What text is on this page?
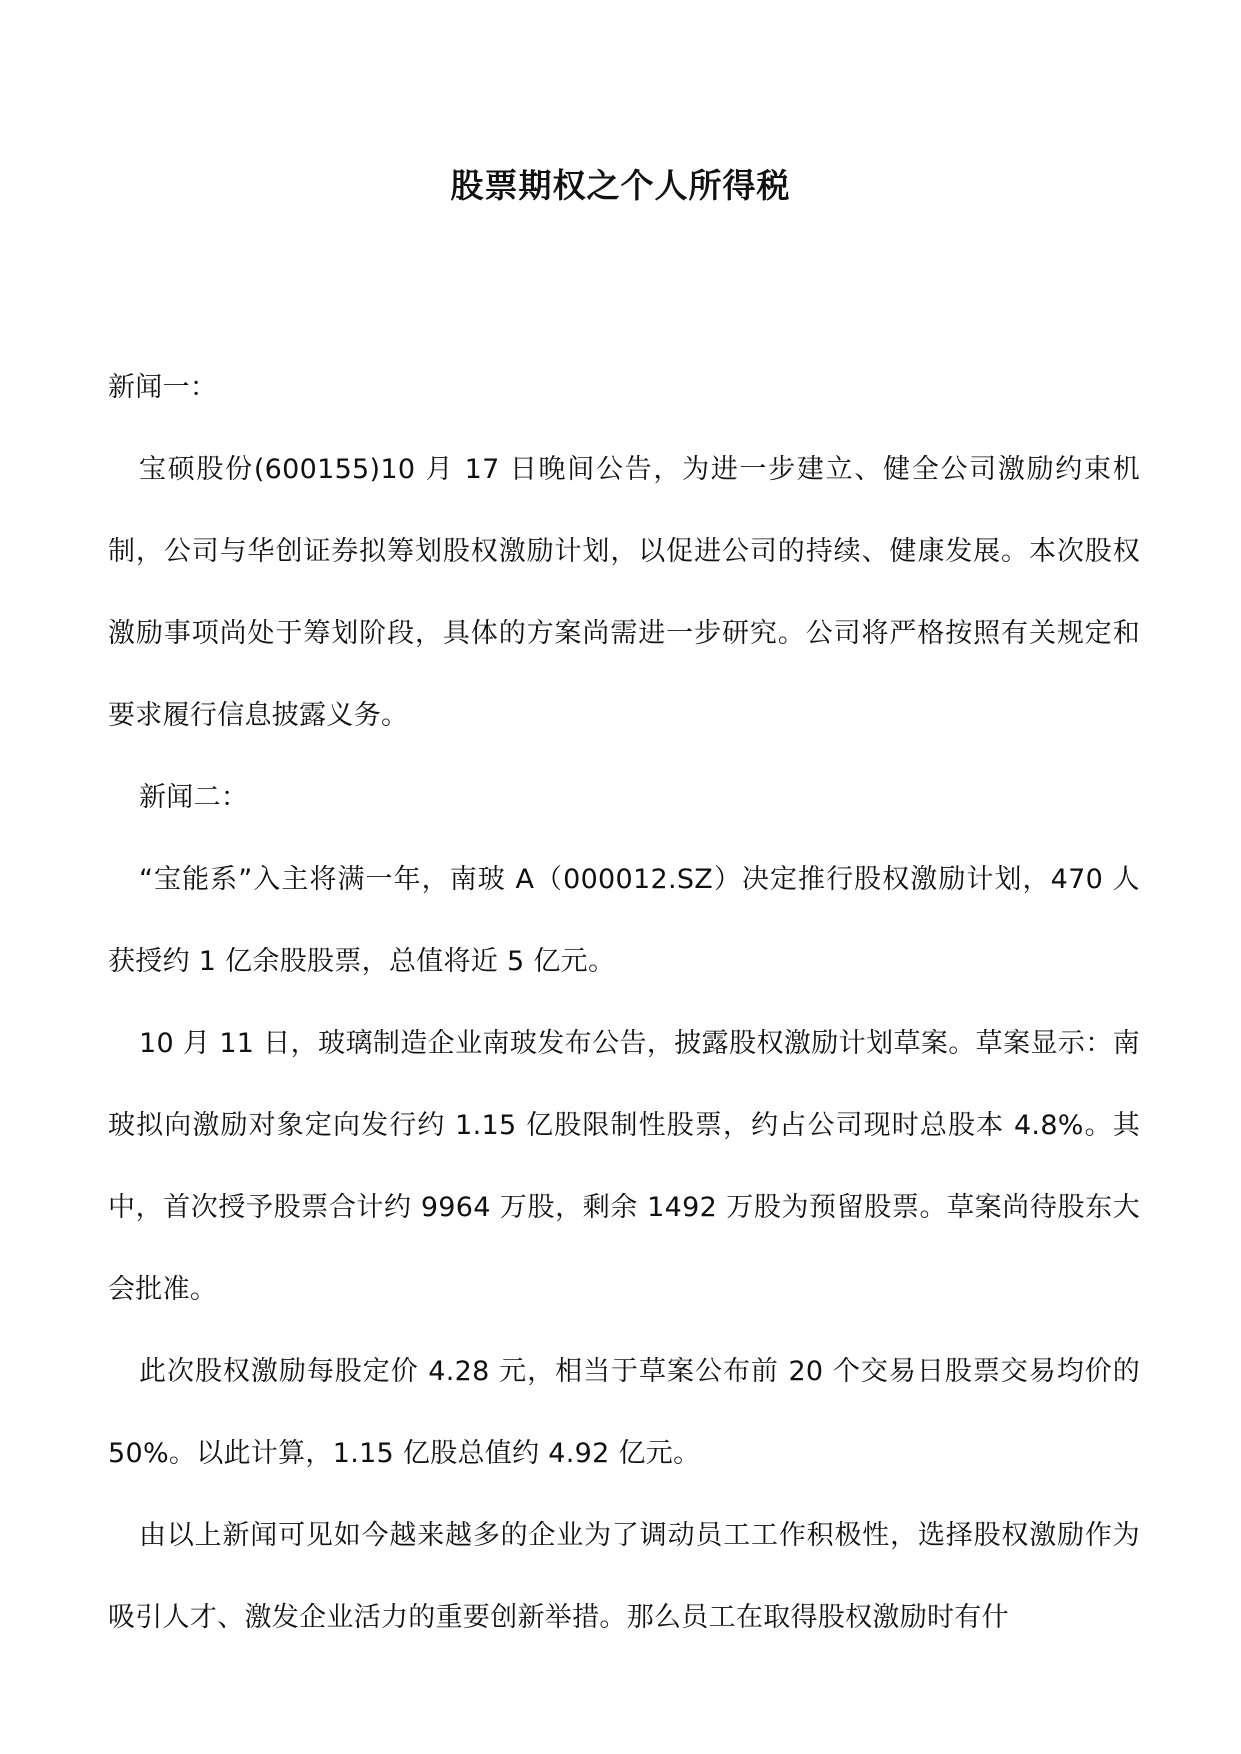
股票期权之个人所得税

新闻一：

宝硕股份(600155)10 月 17 日晚间公告，为进一步建立、健全公司激励约束机制，公司与华创证券拟筹划股权激励计划，以促进公司的持续、健康发展。本次股权激励事项尚处于筹划阶段，具体的方案尚需进一步研究。公司将严格按照有关规定和要求履行信息披露义务。

新闻二：

“宝能系”入主将满一年，南玻 A（000012.SZ）决定推行股权激励计划，470 人获授约 1 亿余股股票，总值将近 5 亿元。

10 月 11 日，玻璃制造企业南玻发布公告，披露股权激励计划草案。草案显示：南玻拟向激励对象定向发行约 1.15 亿股限制性股票，约占公司现时总股本 4.8%。其中，首次授予股票合计约 9964 万股，剩余 1492 万股为预留股票。草案尚待股东大会批准。

此次股权激励每股定价 4.28 元，相当于草案公布前 20 个交易日股票交易均价的 50%。以此计算，1.15 亿股总值约 4.92 亿元。

由以上新闻可见如今越来越多的企业为了调动员工工作积极性，选择股权激励作为吸引人才、激发企业活力的重要创新举措。那么员工在取得股权激励时有什
